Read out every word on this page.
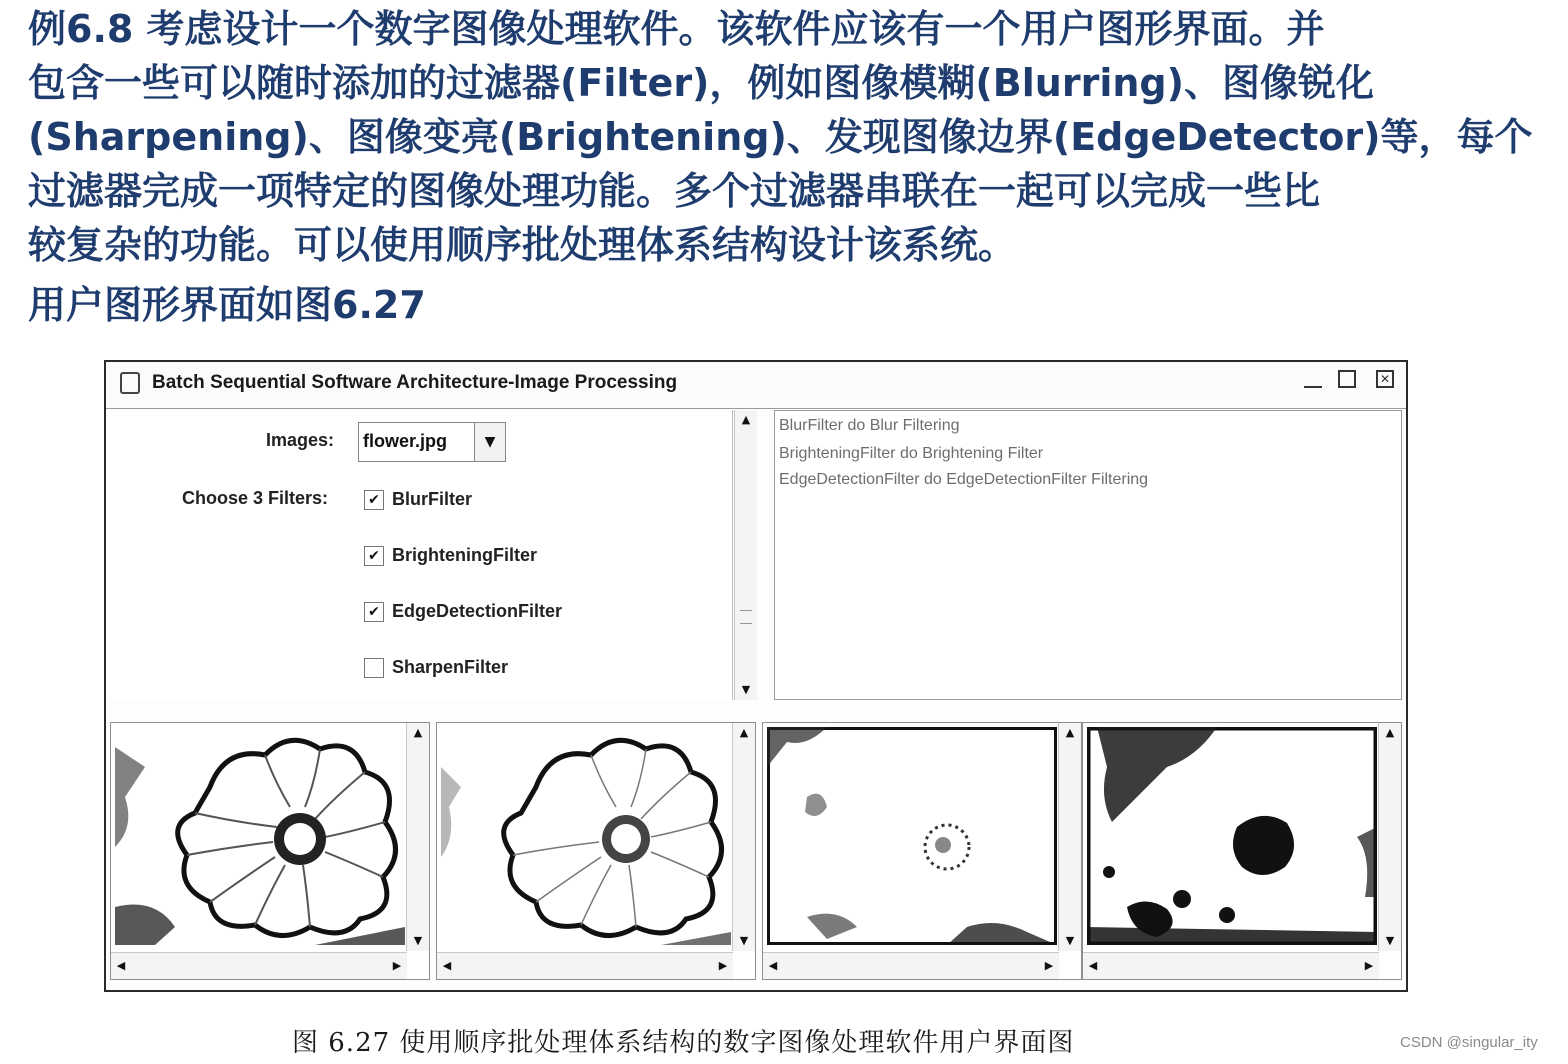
例6.8 考虑设计一个数字图像处理软件。该软件应该有一个用户图形界面。并
包含一些可以随时添加的过滤器(Filter)，例如图像模糊(Blurring)、图像锐化
(Sharpening)、图像变亮(Brightening)、发现图像边界(EdgeDetector)等，每个
过滤器完成一项特定的图像处理功能。多个过滤器串联在一起可以完成一些比
较复杂的功能。可以使用顺序批处理体系结构设计该系统。
用户图形界面如图6.27
Batch Sequential Software Architecture-Image Processing	✕
Images: flower.jpg	▼
Choose 3 Filters:	✔ BlurFilter
✔ BrighteningFilter
✔ EdgeDetectionFilter
SharpenFilter
▲
▼
BlurFilter do Blur Filtering
BrighteningFilter do Brightening Filter
EdgeDetectionFilter do EdgeDetectionFilter Filtering
▲
▼
◀	▶
▲
▼
◀	▶
▲
▼
◀	▶
▲
▼
◀	▶
图 6.27 使用顺序批处理体系结构的数字图像处理软件用户界面图	CSDN @singular_ity
